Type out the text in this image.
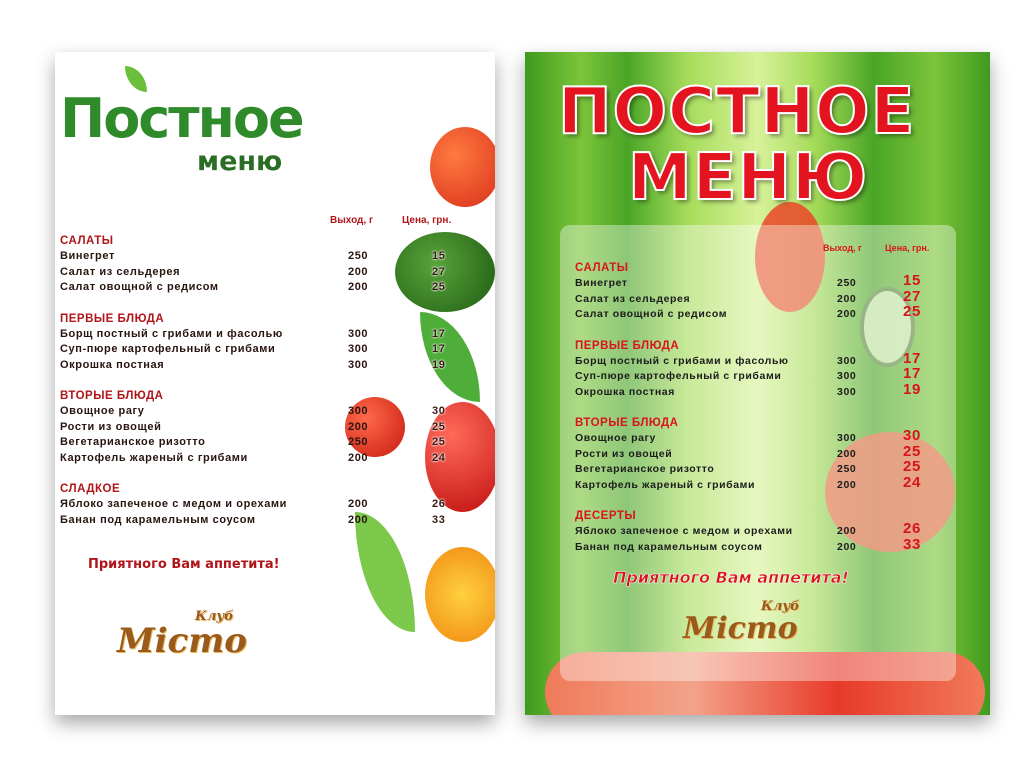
Постное
меню
Выход, г	Цена, грн.
САЛАТЫ
Винегрет	250	15
Салат из сельдерея	200	27
Салат овощной с редисом	200	25
ПЕРВЫЕ БЛЮДА
Борщ постный с грибами и фасолью	300	17
Суп-пюре картофельный с грибами	300	17
Окрошка постная	300	19
ВТОРЫЕ БЛЮДА
Овощное рагу	300	30
Рости из овощей	200	25
Вегетарианское ризотто	250	25
Картофель жареный с грибами	200	24
СЛАДКОЕ
Яблоко запеченое с медом и орехами	200	26
Банан под карамельным соусом	200	33
Приятного Вам аппетита!
Клуб
Місто
ПОСТНОЕ
МЕНЮ
Выход, г	Цена, грн.
САЛАТЫ
Винегрет	250	15
Салат из сельдерея	200	27
Салат овощной с редисом	200	25
ПЕРВЫЕ БЛЮДА
Борщ постный с грибами и фасолью	300	17
Суп-пюре картофельный с грибами	300	17
Окрошка постная	300	19
ВТОРЫЕ БЛЮДА
Овощное рагу	300	30
Рости из овощей	200	25
Вегетарианское ризотто	250	25
Картофель жареный с грибами	200	24
ДЕСЕРТЫ
Яблоко запеченое с медом и орехами	200	26
Банан под карамельным соусом	200	33
Приятного Вам аппетита!
Клуб
Місто
